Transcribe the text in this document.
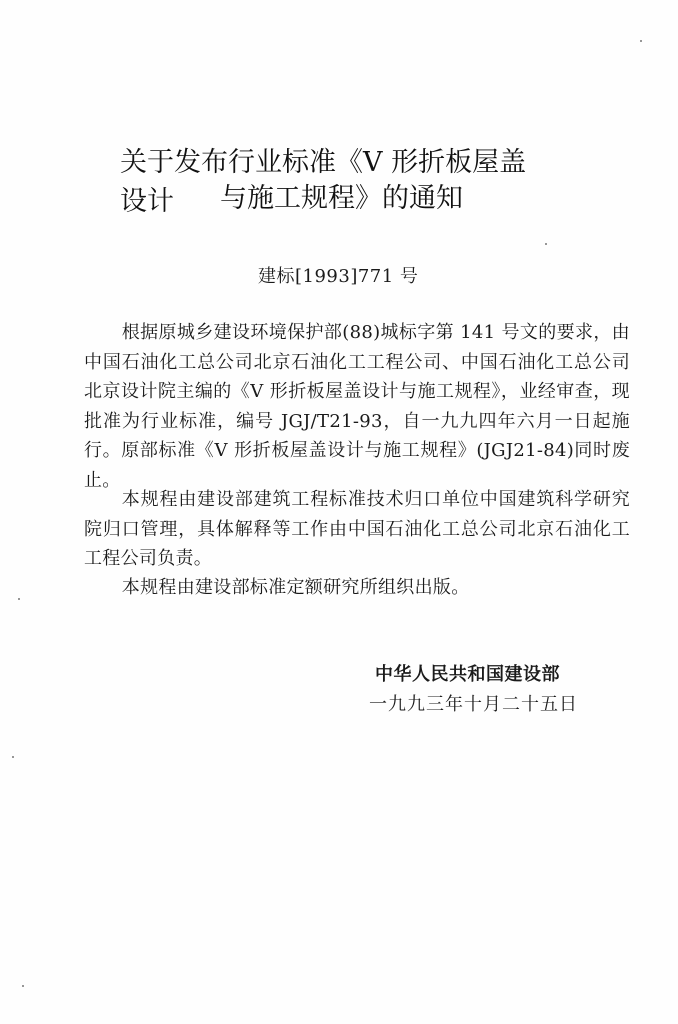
关于发布行业标准《V 形折板屋盖设计	与施工规程》的通知
建标[1993]771 号

根据原城乡建设环境保护部(88)城标字第 141 号文的要求，由中国石油化工总公司北京石油化工工程公司、中国石油化工总公司北京设计院主编的《V 形折板屋盖设计与施工规程》，业经审查，现批准为行业标准，编号 JGJ/T21-93，自一九九四年六月一日起施行。原部标准《V 形折板屋盖设计与施工规程》(JGJ21-84)同时废止。

本规程由建设部建筑工程标准技术归口单位中国建筑科学研究院归口管理，具体解释等工作由中国石油化工总公司北京石油化工工程公司负责。

本规程由建设部标准定额研究所组织出版。

中华人民共和国建设部
一九九三年十月二十五日
